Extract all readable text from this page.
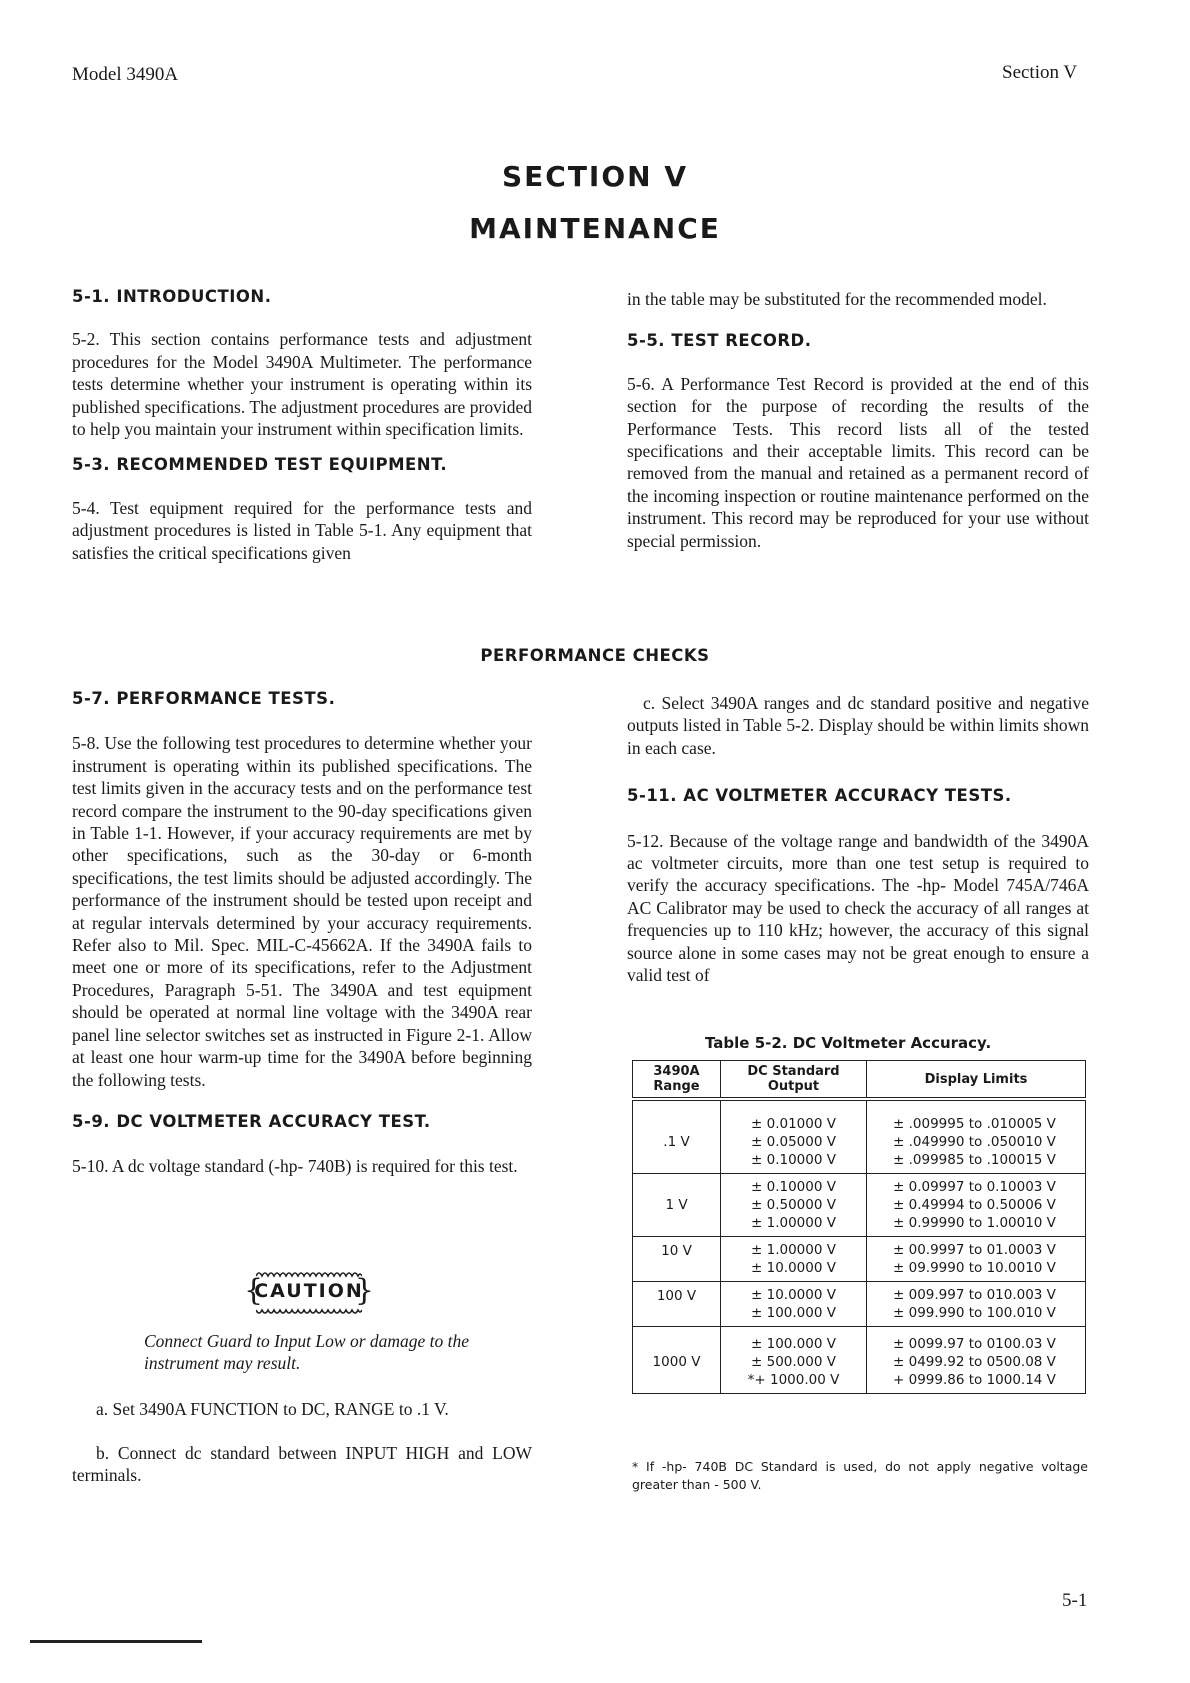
Model 3490A	Section V
SECTION V
MAINTENANCE
5-1. INTRODUCTION.

5-2. This section contains performance tests and adjustment procedures for the Model 3490A Multimeter. The performance tests determine whether your instrument is operating within its published specifications. The adjustment procedures are provided to help you maintain your instrument within specification limits.

5-3. RECOMMENDED TEST EQUIPMENT.

5-4. Test equipment required for the performance tests and adjustment procedures is listed in Table 5-1. Any equipment that satisfies the critical specifications given

in the table may be substituted for the recommended model.

5-5. TEST RECORD.

5-6. A Performance Test Record is provided at the end of this section for the purpose of recording the results of the Performance Tests. This record lists all of the tested specifications and their acceptable limits. This record can be removed from the manual and retained as a permanent record of the incoming inspection or routine maintenance performed on the instrument. This record may be reproduced for your use without special permission.

PERFORMANCE CHECKS
5-7. PERFORMANCE TESTS.

5-8. Use the following test procedures to determine whether your instrument is operating within its published specifications. The test limits given in the accuracy tests and on the performance test record compare the instrument to the 90-day specifications given in Table 1-1. However, if your accuracy requirements are met by other specifications, such as the 30-day or 6-month specifications, the test limits should be adjusted accordingly. The performance of the instrument should be tested upon receipt and at regular intervals determined by your accuracy requirements. Refer also to Mil. Spec. MIL-C-45662A. If the 3490A fails to meet one or more of its specifications, refer to the Adjustment Procedures, Paragraph 5-51. The 3490A and test equipment should be operated at normal line voltage with the 3490A rear panel line selector switches set as instructed in Figure 2-1. Allow at least one hour warm-up time for the 3490A before beginning the following tests.

5-9. DC VOLTMETER ACCURACY TEST.

5-10. A dc voltage standard (-hp- 740B) is required for this test.

{
CAUTION
}
Connect Guard to Input Low or damage to the instrument may result.
a. Set 3490A FUNCTION to DC, RANGE to .1 V.
b. Connect dc standard between INPUT HIGH and LOW terminals.

c. Select 3490A ranges and dc standard positive and negative outputs listed in Table 5-2. Display should be within limits shown in each case.

5-11. AC VOLTMETER ACCURACY TESTS.

5-12. Because of the voltage range and bandwidth of the 3490A ac voltmeter circuits, more than one test setup is required to verify the accuracy specifications. The -hp- Model 745A/746A AC Calibrator may be used to check the accuracy of all ranges at frequencies up to 110 kHz; however, the accuracy of this signal source alone in some cases may not be great enough to ensure a valid test of

Table 5-2. DC Voltmeter Accuracy.
3490A
Range	DC Standard
Output	Display Limits
.1 V	± 0.01000 V
± 0.05000 V
± 0.10000 V	± .009995 to .010005 V
± .049990 to .050010 V
± .099985 to .100015 V

1 V	± 0.10000 V
± 0.50000 V
± 1.00000 V	± 0.09997 to 0.10003 V
± 0.49994 to 0.50006 V
± 0.99990 to 1.00010 V

10 V	± 1.00000 V
± 10.0000 V	± 00.9997 to 01.0003 V
± 09.9990 to 10.0010 V

100 V	± 10.0000 V
± 100.000 V	± 009.997 to 010.003 V
± 099.990 to 100.010 V

1000 V	± 100.000 V
± 500.000 V
*+ 1000.00 V	± 0099.97 to 0100.03 V
± 0499.92 to 0500.08 V
+ 0999.86 to 1000.14 V
* If -hp- 740B DC Standard is used, do not apply negative voltage greater than - 500 V.
5-1
